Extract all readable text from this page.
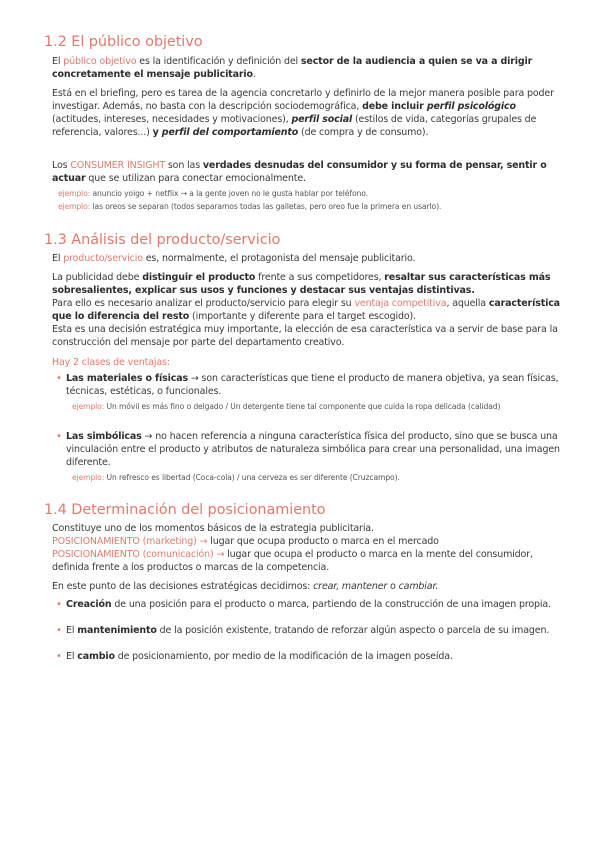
1.2 El público objetivo

El público objetivo es la identificación y definición del sector de la audiencia a quien se va a dirigir concretamente el mensaje publicitario.

Está en el briefing, pero es tarea de la agencia concretarlo y definirlo de la mejor manera posible para poder investigar. Además, no basta con la descripción sociodemográfica, debe incluir perfil psicológico (actitudes, intereses, necesidades y motivaciones), perfil social (estilos de vida, categorías grupales de referencia, valores...) y perfil del comportamiento (de compra y de consumo).

Los CONSUMER INSIGHT son las verdades desnudas del consumidor y su forma de pensar, sentir o actuar que se utilizan para conectar emocionalmente.

ejemplo: anuncio yoigo + netflix → a la gente joven no le gusta hablar por teléfono.

ejemplo: las oreos se separan (todos separamos todas las galletas, pero oreo fue la primera en usarlo).

1.3 Análisis del producto/servicio

El producto/servicio es, normalmente, el protagonista del mensaje publicitario.

La publicidad debe distinguir el producto frente a sus competidores, resaltar sus características más sobresalientes, explicar sus usos y funciones y destacar sus ventajas distintivas.

Para ello es necesario analizar el producto/servicio para elegir su ventaja competitiva, aquella característica que lo diferencia del resto (importante y diferente para el target escogido).

Esta es una decisión estratégica muy importante, la elección de esa característica va a servir de base para la construcción del mensaje por parte del departamento creativo.

Hay 2 clases de ventajas:

• Las materiales o físicas → son características que tiene el producto de manera objetiva, ya sean físicas, técnicas, estéticas, o funcionales.

ejemplo: Un móvil es más fino o delgado / Un detergente tiene tal componente que cuida la ropa delicada (calidad)

• Las simbólicas → no hacen referencia a ninguna característica física del producto, sino que se busca una vinculación entre el producto y atributos de naturaleza simbólica para crear una personalidad, una imagen diferente.

ejemplo: Un refresco es libertad (Coca-cola) / una cerveza es ser diferente (Cruzcampo).

1.4 Determinación del posicionamiento

Constituye uno de los momentos básicos de la estrategia publicitaria.

POSICIONAMIENTO (marketing) → lugar que ocupa producto o marca en el mercado

POSICIONAMIENTO (comunicación) → lugar que ocupa el producto o marca en la mente del consumidor, definida frente a los productos o marcas de la competencia.

En este punto de las decisiones estratégicas decidimos: crear, mantener o cambiar.

• Creación de una posición para el producto o marca, partiendo de la construcción de una imagen propia.

• El mantenimiento de la posición existente, tratando de reforzar algún aspecto o parcela de su imagen.

• El cambio de posicionamiento, por medio de la modificación de la imagen poseída.
